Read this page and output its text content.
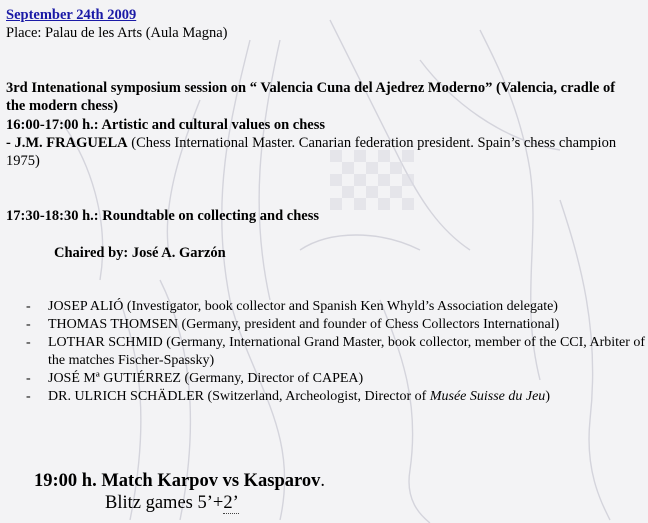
September 24th 2009
Place: Palau de les Arts (Aula Magna)
3rd Intenational symposium session on “ Valencia Cuna del Ajedrez Moderno” (Valencia, cradle of the modern chess)
16:00-17:00 h.: Artistic and cultural values on chess
- J.M. FRAGUELA (Chess International Master. Canarian federation president. Spain’s chess champion 1975)
17:30-18:30 h.: Roundtable on collecting and chess
Chaired by: José A. Garzón
- JOSEP ALIÓ (Investigator, book collector and Spanish Ken Whyld’s Association delegate)
- THOMAS THOMSEN (Germany, president and founder of Chess Collectors International)
- LOTHAR SCHMID (Germany, International Grand Master, book collector, member of the CCI, Arbiter of the matches Fischer-Spassky)
- JOSÉ Mª GUTIÉRREZ (Germany, Director of CAPEA)
- DR. ULRICH SCHÄDLER (Switzerland, Archeologist, Director of Musée Suisse du Jeu)
19:00 h. Match Karpov vs Kasparov.
Blitz games 5’+2’
